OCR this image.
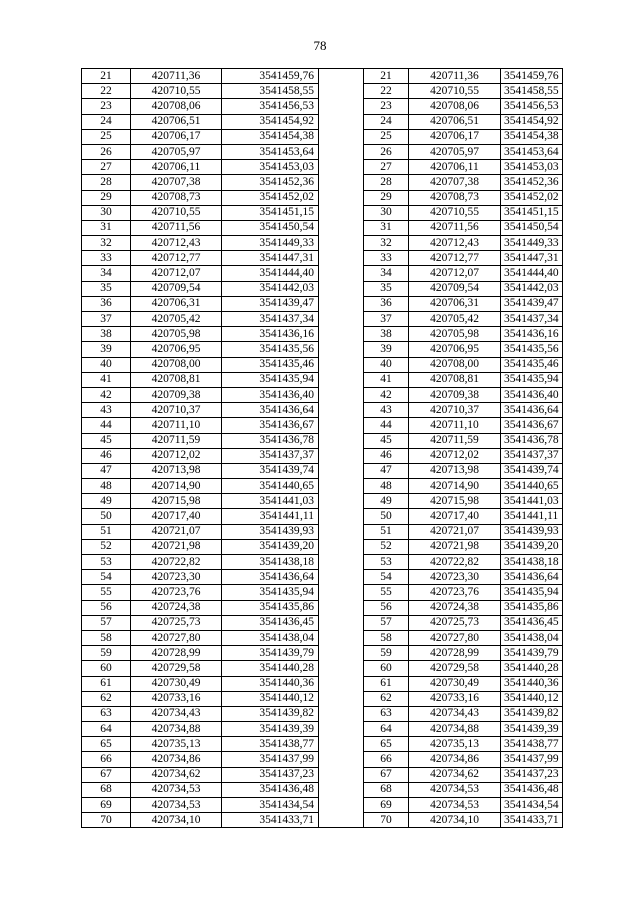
78
21	420711,36	3541459,76		21	420711,36	3541459,76
22	420710,55	3541458,55		22	420710,55	3541458,55
23	420708,06	3541456,53		23	420708,06	3541456,53
24	420706,51	3541454,92		24	420706,51	3541454,92
25	420706,17	3541454,38		25	420706,17	3541454,38
26	420705,97	3541453,64		26	420705,97	3541453,64
27	420706,11	3541453,03		27	420706,11	3541453,03
28	420707,38	3541452,36		28	420707,38	3541452,36
29	420708,73	3541452,02		29	420708,73	3541452,02
30	420710,55	3541451,15		30	420710,55	3541451,15
31	420711,56	3541450,54		31	420711,56	3541450,54
32	420712,43	3541449,33		32	420712,43	3541449,33
33	420712,77	3541447,31		33	420712,77	3541447,31
34	420712,07	3541444,40		34	420712,07	3541444,40
35	420709,54	3541442,03		35	420709,54	3541442,03
36	420706,31	3541439,47		36	420706,31	3541439,47
37	420705,42	3541437,34		37	420705,42	3541437,34
38	420705,98	3541436,16		38	420705,98	3541436,16
39	420706,95	3541435,56		39	420706,95	3541435,56
40	420708,00	3541435,46		40	420708,00	3541435,46
41	420708,81	3541435,94		41	420708,81	3541435,94
42	420709,38	3541436,40		42	420709,38	3541436,40
43	420710,37	3541436,64		43	420710,37	3541436,64
44	420711,10	3541436,67		44	420711,10	3541436,67
45	420711,59	3541436,78		45	420711,59	3541436,78
46	420712,02	3541437,37		46	420712,02	3541437,37
47	420713,98	3541439,74		47	420713,98	3541439,74
48	420714,90	3541440,65		48	420714,90	3541440,65
49	420715,98	3541441,03		49	420715,98	3541441,03
50	420717,40	3541441,11		50	420717,40	3541441,11
51	420721,07	3541439,93		51	420721,07	3541439,93
52	420721,98	3541439,20		52	420721,98	3541439,20
53	420722,82	3541438,18		53	420722,82	3541438,18
54	420723,30	3541436,64		54	420723,30	3541436,64
55	420723,76	3541435,94		55	420723,76	3541435,94
56	420724,38	3541435,86		56	420724,38	3541435,86
57	420725,73	3541436,45		57	420725,73	3541436,45
58	420727,80	3541438,04		58	420727,80	3541438,04
59	420728,99	3541439,79		59	420728,99	3541439,79
60	420729,58	3541440,28		60	420729,58	3541440,28
61	420730,49	3541440,36		61	420730,49	3541440,36
62	420733,16	3541440,12		62	420733,16	3541440,12
63	420734,43	3541439,82		63	420734,43	3541439,82
64	420734,88	3541439,39		64	420734,88	3541439,39
65	420735,13	3541438,77		65	420735,13	3541438,77
66	420734,86	3541437,99		66	420734,86	3541437,99
67	420734,62	3541437,23		67	420734,62	3541437,23
68	420734,53	3541436,48		68	420734,53	3541436,48
69	420734,53	3541434,54		69	420734,53	3541434,54
70	420734,10	3541433,71		70	420734,10	3541433,71
